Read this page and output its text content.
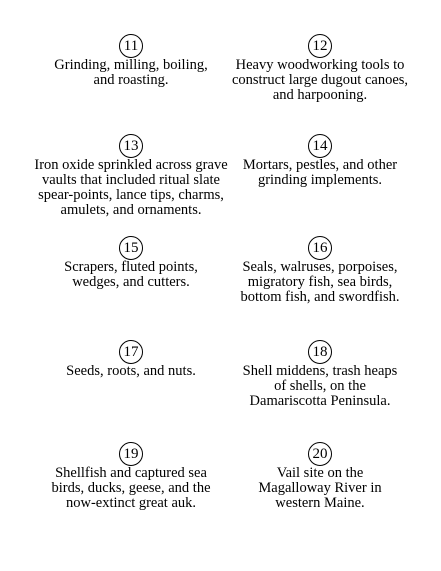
11
Grinding, milling, boiling, and roasting.
12
Heavy woodworking tools to construct large dugout canoes, and harpooning.
13
Iron oxide sprinkled across grave vaults that included ritual slate spear-points, lance tips, charms, amulets, and ornaments.
14
Mortars, pestles, and other grinding implements.
15
Scrapers, fluted points, wedges, and cutters.
16
Seals, walruses, porpoises, migratory fish, sea birds, bottom fish, and swordfish.
17
Seeds, roots, and nuts.
18
Shell middens, trash heaps of shells, on the Damariscotta Peninsula.
19
Shellfish and captured sea birds, ducks, geese, and the now-extinct great auk.
20
Vail site on the Magalloway River in western Maine.
